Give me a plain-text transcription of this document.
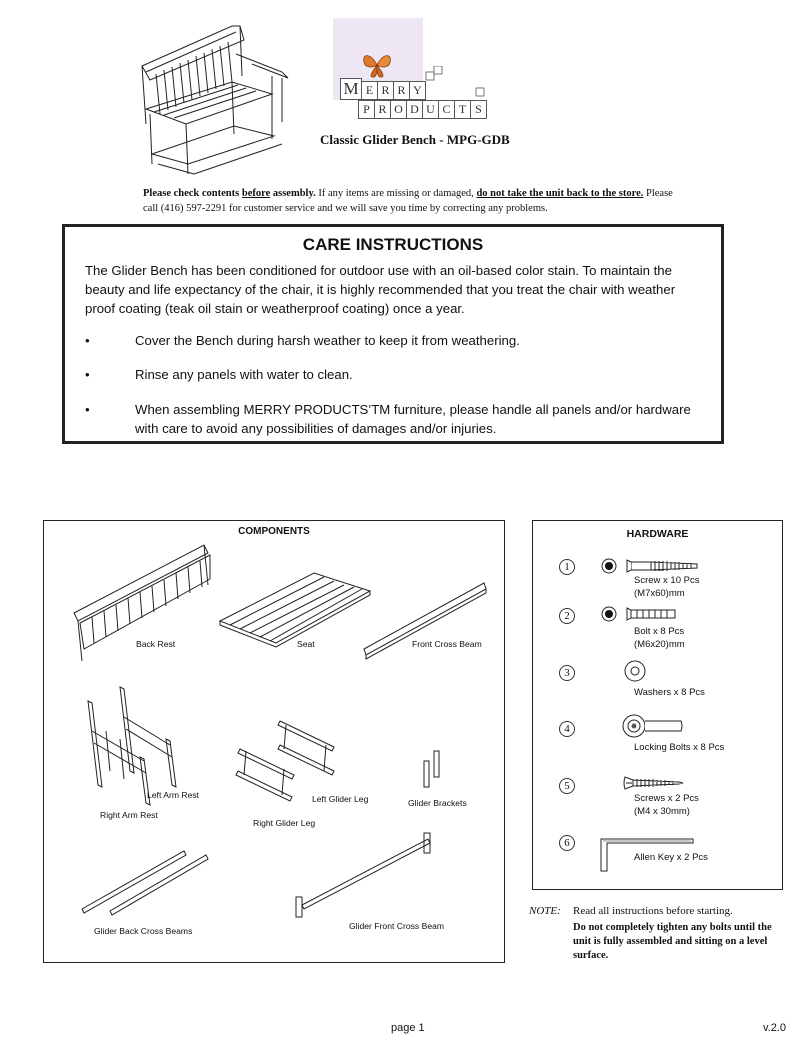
M E R R Y
P R O D U C T S
Classic Glider Bench - MPG-GDB
Please check contents before assembly. If any items are missing or damaged, do not take the unit back to the store. Please call (416) 597-2291 for customer service and we will save you time by correcting any problems.
CARE INSTRUCTIONS
The Glider Bench has been conditioned for outdoor use with an oil-based color stain. To maintain the beauty and life expectancy of the chair, it is highly recommended that you treat the chair with weather proof coating (teak oil stain or weatherproof coating) once a year.
•	Cover the Bench during harsh weather to keep it from weathering.
•	Rinse any panels with water to clean.
•	When assembling MERRY PRODUCTS’TM furniture, please handle all panels and/or hardware with care to avoid any possibilities of damages and/or injuries.
COMPONENTS
Back Rest	Seat	Front Cross Beam
Left Arm Rest
Right Arm Rest
Left Glider Leg
Right Glider Leg
Glider Brackets
Glider Back Cross Beams	Glider Front Cross Beam
HARDWARE
1
Screw x 10 Pcs
(M7x60)mm
2
Bolt x 8 Pcs
(M6x20)mm
3
Washers x 8 Pcs
4
Locking Bolts x 8 Pcs
5
Screws x 2 Pcs
(M4 x 30mm)
6
Allen Key x 2 Pcs
NOTE: Read all instructions before starting.
Do not completely tighten any bolts until the unit is fully assembled and sitting on a level surface.
page 1	v.2.0
